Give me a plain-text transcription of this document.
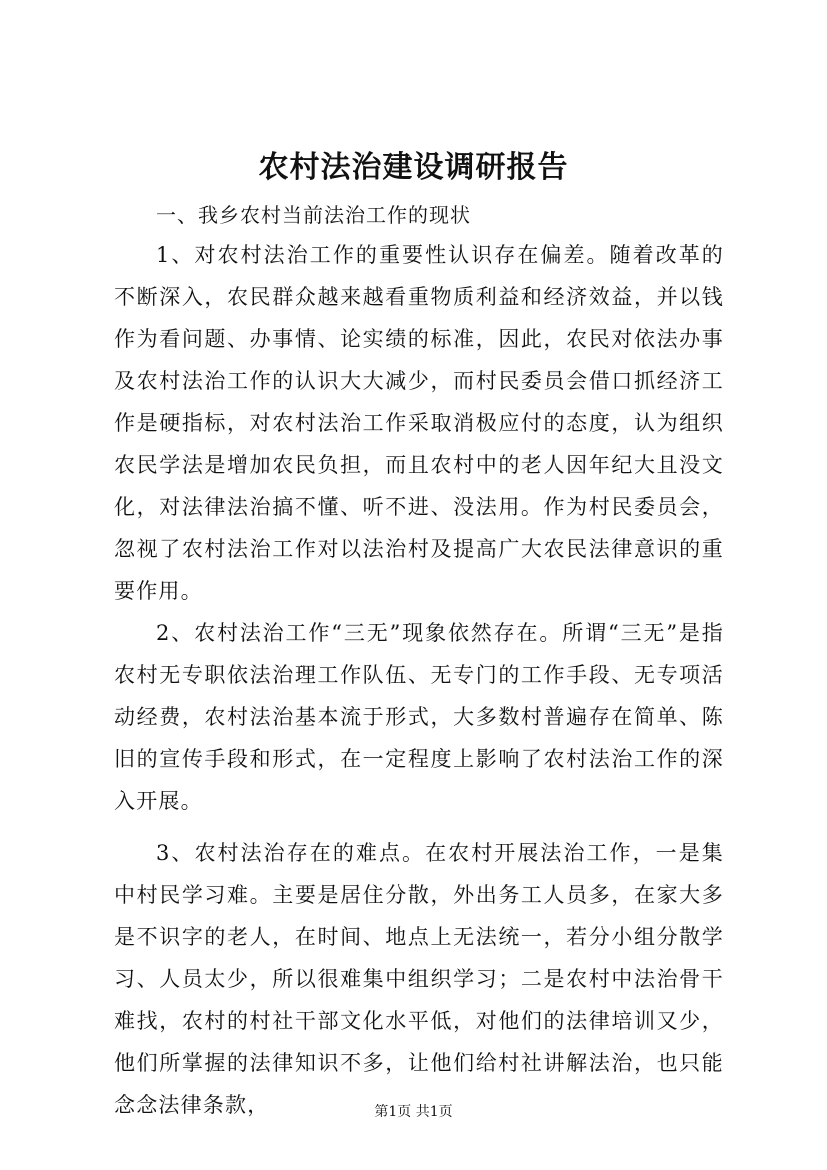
农村法治建设调研报告

一、我乡农村当前法治工作的现状

1、对农村法治工作的重要性认识存在偏差。随着改革的不断深入，农民群众越来越看重物质利益和经济效益，并以钱作为看问题、办事情、论实绩的标准，因此，农民对依法办事及农村法治工作的认识大大减少，而村民委员会借口抓经济工作是硬指标，对农村法治工作采取消极应付的态度，认为组织农民学法是增加农民负担，而且农村中的老人因年纪大且没文化，对法律法治搞不懂、听不进、没法用。作为村民委员会，忽视了农村法治工作对以法治村及提高广大农民法律意识的重要作用。

2、农村法治工作“三无”现象依然存在。所谓“三无”是指农村无专职依法治理工作队伍、无专门的工作手段、无专项活动经费，农村法治基本流于形式，大多数村普遍存在简单、陈旧的宣传手段和形式，在一定程度上影响了农村法治工作的深入开展。

3、农村法治存在的难点。在农村开展法治工作，一是集中村民学习难。主要是居住分散，外出务工人员多，在家大多是不识字的老人，在时间、地点上无法统一，若分小组分散学习、人员太少，所以很难集中组织学习；二是农村中法治骨干难找，农村的村社干部文化水平低，对他们的法律培训又少，他们所掌握的法律知识不多，让他们给村社讲解法治，也只能念念法律条款，	第1页 共1页
